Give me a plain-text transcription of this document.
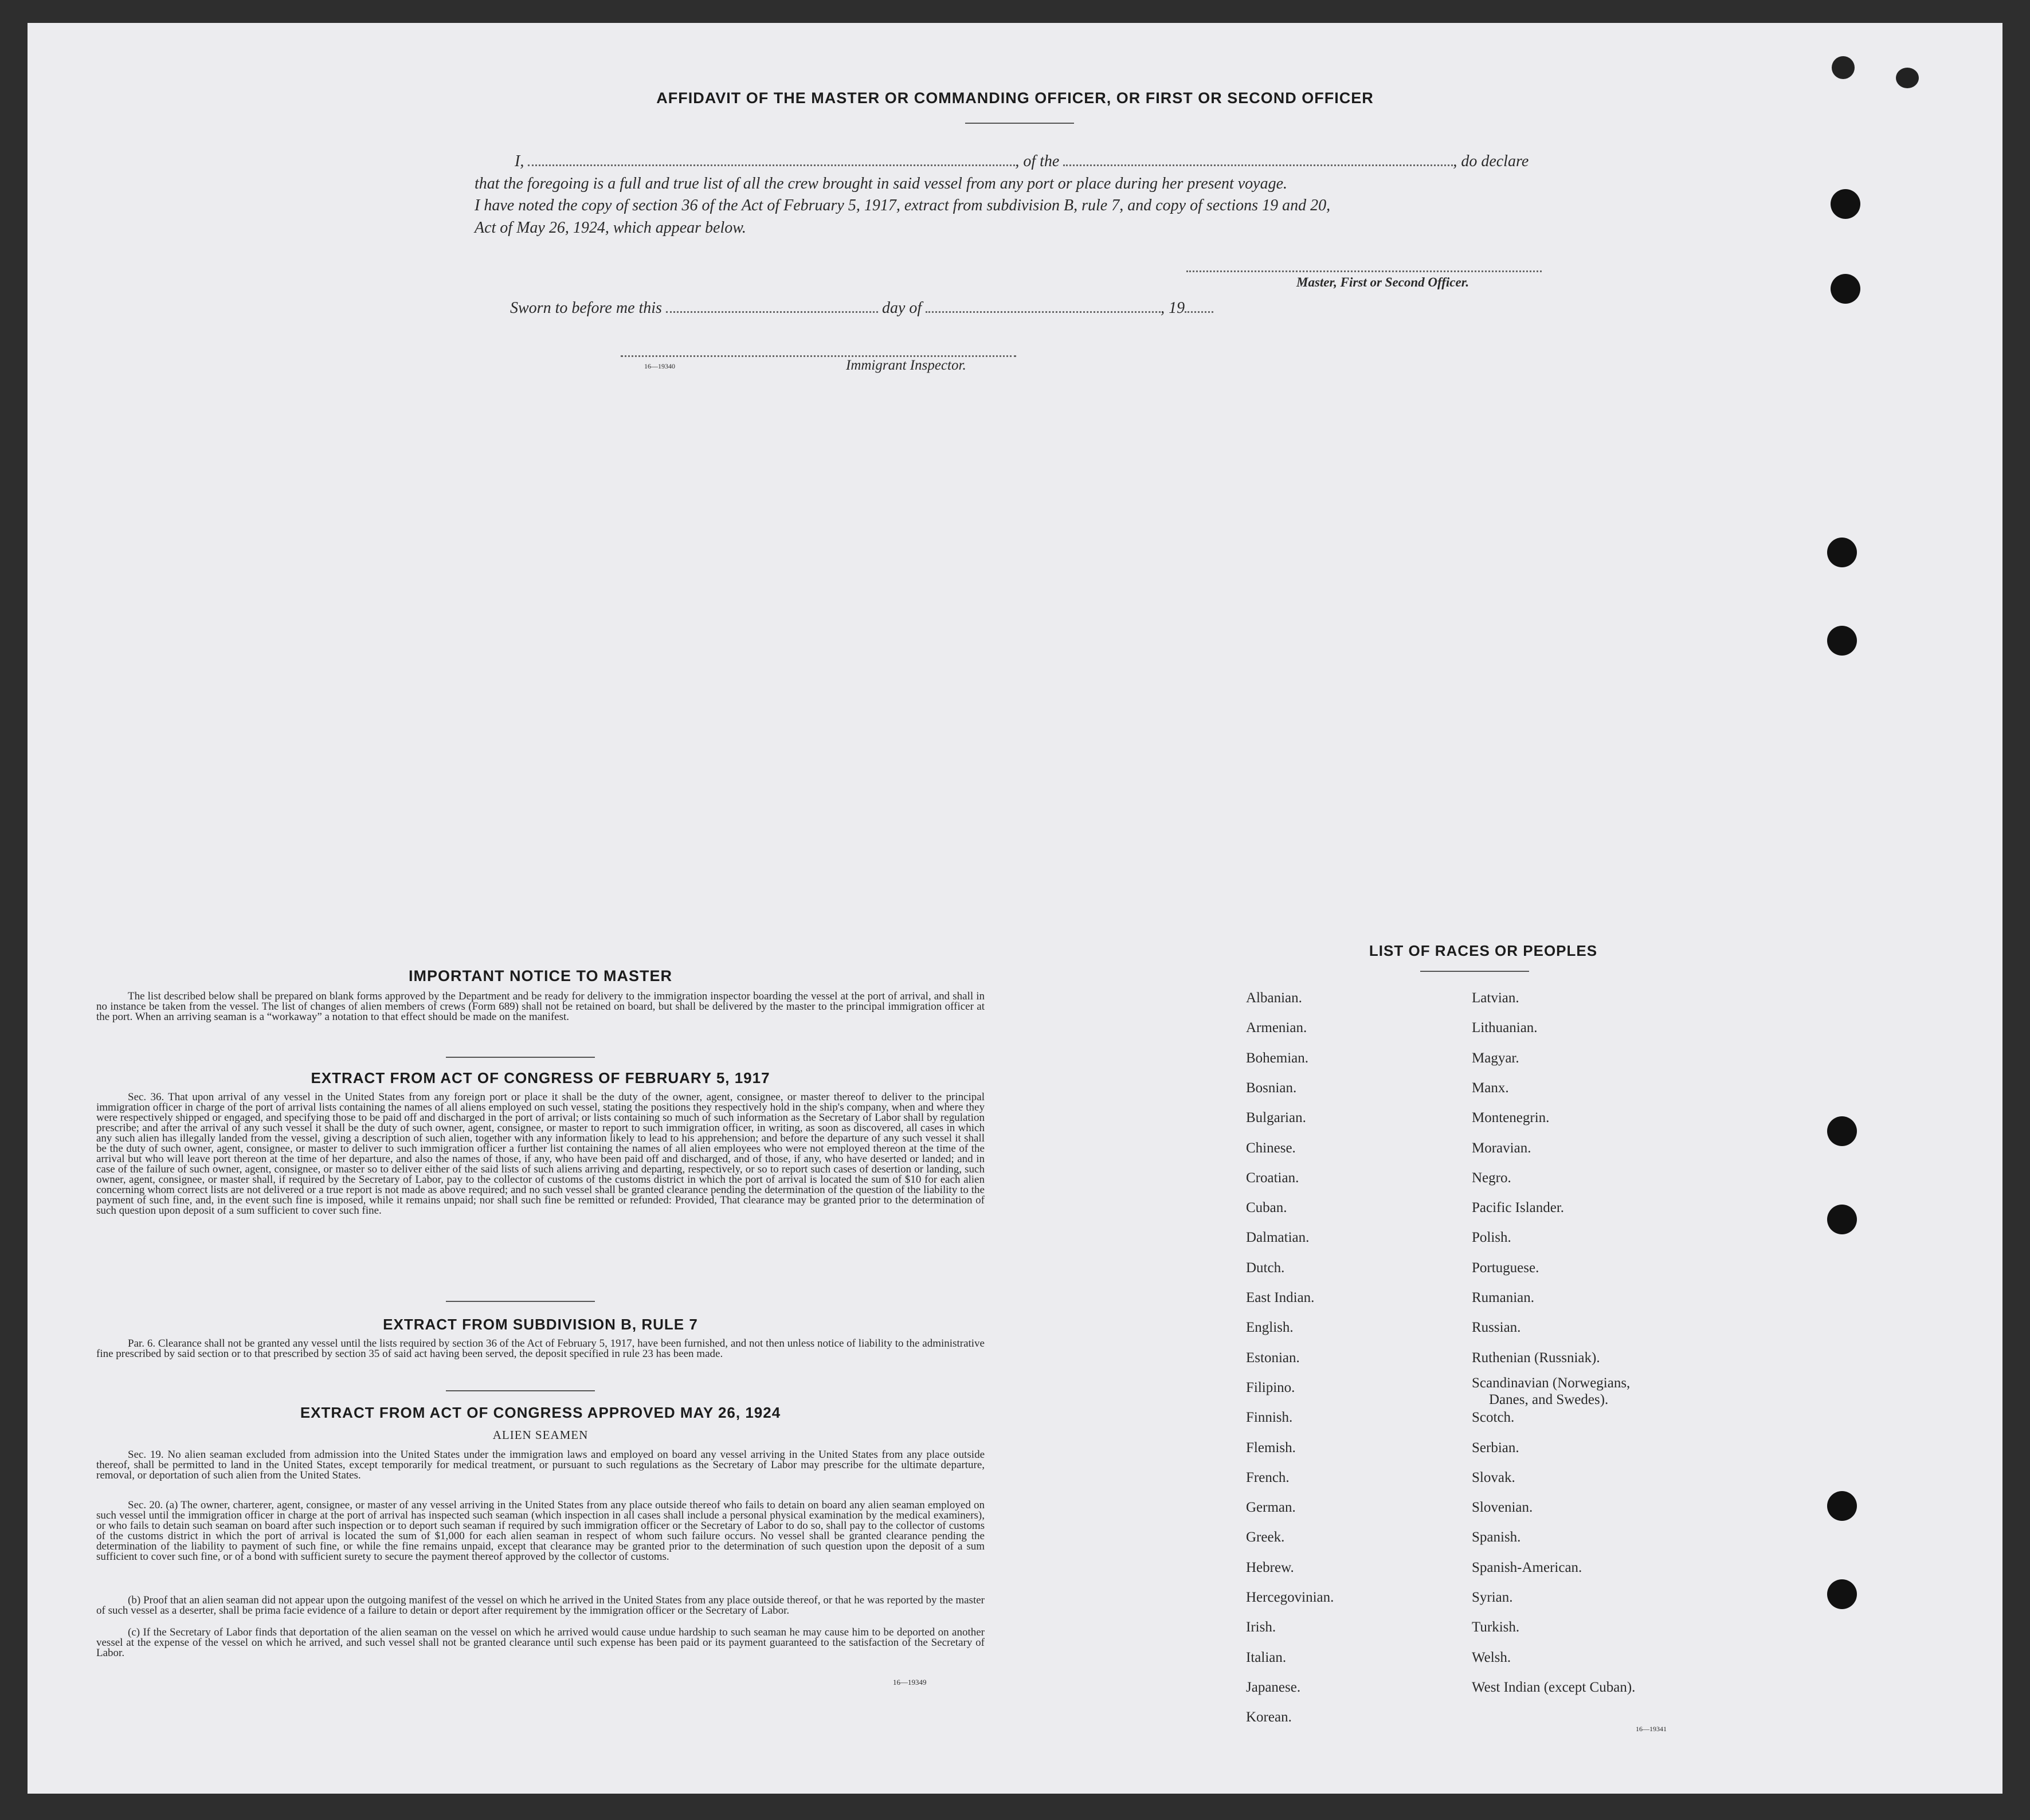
AFFIDAVIT OF THE MASTER OR COMMANDING OFFICER, OR FIRST OR SECOND OFFICER
I,	, of the	, do declare
that the foregoing is a full and true list of all the crew brought in said vessel from any port or place during her present voyage.
I have noted the copy of section 36 of the Act of February 5, 1917, extract from subdivision B, rule 7, and copy of sections 19 and 20,
Act of May 26, 1924, which appear below.
Master, First or Second Officer.
Sworn to before me this	day of	, 19
16—19340	Immigrant Inspector.
IMPORTANT NOTICE TO MASTER
The list described below shall be prepared on blank forms approved by the Department and be ready for delivery to the immigration inspector boarding the vessel at the port of arrival, and shall in no instance be taken from the vessel. The list of changes of alien members of crews (Form 689) shall not be retained on board, but shall be delivered by the master to the principal immigration officer at the port. When an arriving seaman is a “workaway” a notation to that effect should be made on the manifest.
EXTRACT FROM ACT OF CONGRESS OF FEBRUARY 5, 1917
Sec. 36. That upon arrival of any vessel in the United States from any foreign port or place it shall be the duty of the owner, agent, consignee, or master thereof to deliver to the principal immigration officer in charge of the port of arrival lists containing the names of all aliens employed on such vessel, stating the positions they respectively hold in the ship's company, when and where they were respectively shipped or engaged, and specifying those to be paid off and discharged in the port of arrival; or lists containing so much of such information as the Secretary of Labor shall by regulation prescribe; and after the arrival of any such vessel it shall be the duty of such owner, agent, consignee, or master to report to such immigration officer, in writing, as soon as discovered, all cases in which any such alien has illegally landed from the vessel, giving a description of such alien, together with any information likely to lead to his apprehension; and before the departure of any such vessel it shall be the duty of such owner, agent, consignee, or master to deliver to such immigration officer a further list containing the names of all alien employees who were not employed thereon at the time of the arrival but who will leave port thereon at the time of her departure, and also the names of those, if any, who have been paid off and discharged, and of those, if any, who have deserted or landed; and in case of the failure of such owner, agent, consignee, or master so to deliver either of the said lists of such aliens arriving and departing, respectively, or so to report such cases of desertion or landing, such owner, agent, consignee, or master shall, if required by the Secretary of Labor, pay to the collector of customs of the customs district in which the port of arrival is located the sum of $10 for each alien concerning whom correct lists are not delivered or a true report is not made as above required; and no such vessel shall be granted clearance pending the determination of the question of the liability to the payment of such fine, and, in the event such fine is imposed, while it remains unpaid; nor shall such fine be remitted or refunded: Provided, That clearance may be granted prior to the determination of such question upon deposit of a sum sufficient to cover such fine.
EXTRACT FROM SUBDIVISION B, RULE 7
Par. 6. Clearance shall not be granted any vessel until the lists required by section 36 of the Act of February 5, 1917, have been furnished, and not then unless notice of liability to the administrative fine prescribed by said section or to that prescribed by section 35 of said act having been served, the deposit specified in rule 23 has been made.
EXTRACT FROM ACT OF CONGRESS APPROVED MAY 26, 1924
ALIEN SEAMEN
Sec. 19. No alien seaman excluded from admission into the United States under the immigration laws and employed on board any vessel arriving in the United States from any place outside thereof, shall be permitted to land in the United States, except temporarily for medical treatment, or pursuant to such regulations as the Secretary of Labor may prescribe for the ultimate departure, removal, or deportation of such alien from the United States.
Sec. 20. (a) The owner, charterer, agent, consignee, or master of any vessel arriving in the United States from any place outside thereof who fails to detain on board any alien seaman employed on such vessel until the immigration officer in charge at the port of arrival has inspected such seaman (which inspection in all cases shall include a personal physical examination by the medical examiners), or who fails to detain such seaman on board after such inspection or to deport such seaman if required by such immigration officer or the Secretary of Labor to do so, shall pay to the collector of customs of the customs district in which the port of arrival is located the sum of $1,000 for each alien seaman in respect of whom such failure occurs. No vessel shall be granted clearance pending the determination of the liability to payment of such fine, or while the fine remains unpaid, except that clearance may be granted prior to the determination of such question upon the deposit of a sum sufficient to cover such fine, or of a bond with sufficient surety to secure the payment thereof approved by the collector of customs.
(b) Proof that an alien seaman did not appear upon the outgoing manifest of the vessel on which he arrived in the United States from any place outside thereof, or that he was reported by the master of such vessel as a deserter, shall be prima facie evidence of a failure to detain or deport after requirement by the immigration officer or the Secretary of Labor.
(c) If the Secretary of Labor finds that deportation of the alien seaman on the vessel on which he arrived would cause undue hardship to such seaman he may cause him to be deported on another vessel at the expense of the vessel on which he arrived, and such vessel shall not be granted clearance until such expense has been paid or its payment guaranteed to the satisfaction of the Secretary of Labor.
16—19349
LIST OF RACES OR PEOPLES
Albanian.
Armenian.
Bohemian.
Bosnian.
Bulgarian.
Chinese.
Croatian.
Cuban.
Dalmatian.
Dutch.
East Indian.
English.
Estonian.
Filipino.
Finnish.
Flemish.
French.
German.
Greek.
Hebrew.
Hercegovinian.
Irish.
Italian.
Japanese.
Korean.
Latvian.
Lithuanian.
Magyar.
Manx.
Montenegrin.
Moravian.
Negro.
Pacific Islander.
Polish.
Portuguese.
Rumanian.
Russian.
Ruthenian (Russniak).
Scandinavian (Norwegians,
Danes, and Swedes).
Scotch.
Serbian.
Slovak.
Slovenian.
Spanish.
Spanish-American.
Syrian.
Turkish.
Welsh.
West Indian (except Cuban).
16—19341
